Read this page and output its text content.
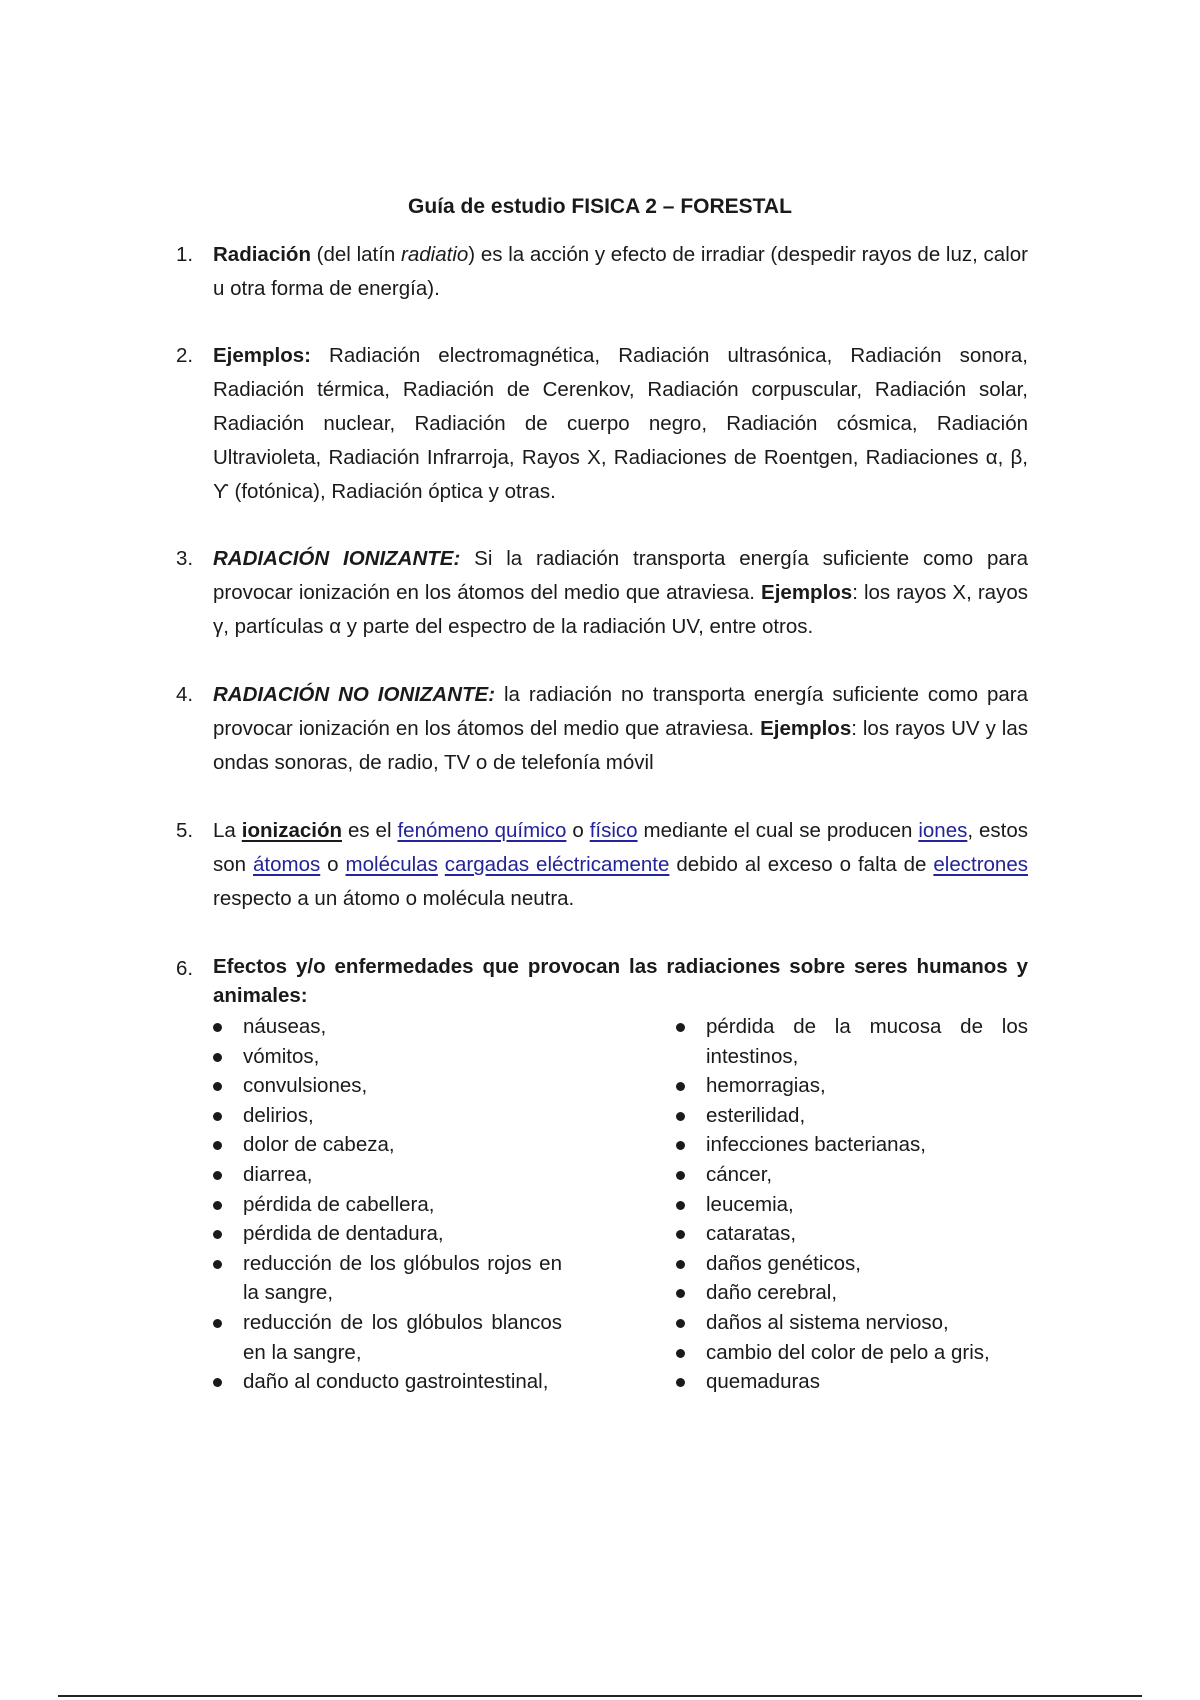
Guía de estudio FISICA 2 – FORESTAL
1. Radiación (del latín radiatio) es la acción y efecto de irradiar (despedir rayos de luz, calor u otra forma de energía).
2. Ejemplos: Radiación electromagnética, Radiación ultrasónica, Radiación sonora, Radiación térmica, Radiación de Cerenkov, Radiación corpuscular, Radiación solar, Radiación nuclear, Radiación de cuerpo negro, Radiación cósmica, Radiación Ultravioleta, Radiación Infrarroja, Rayos X, Radiaciones de Roentgen, Radiaciones α, β, ϒ (fotónica), Radiación óptica y otras.
3. RADIACIÓN IONIZANTE: Si la radiación transporta energía suficiente como para provocar ionización en los átomos del medio que atraviesa. Ejemplos: los rayos X, rayos γ, partículas α y parte del espectro de la radiación UV, entre otros.
4. RADIACIÓN NO IONIZANTE: la radiación no transporta energía suficiente como para provocar ionización en los átomos del medio que atraviesa. Ejemplos: los rayos UV y las ondas sonoras, de radio, TV o de telefonía móvil
5. La ionización es el fenómeno químico o físico mediante el cual se producen iones, estos son átomos o moléculas cargadas eléctricamente debido al exceso o falta de electrones respecto a un átomo o molécula neutra.
6. Efectos y/o enfermedades que provocan las radiaciones sobre seres humanos y animales:
náuseas,
vómitos,
convulsiones,
delirios,
dolor de cabeza,
diarrea,
pérdida de cabellera,
pérdida de dentadura,
reducción de los glóbulos rojos en la sangre,
reducción de los glóbulos blancos en la sangre,
daño al conducto gastrointestinal,
pérdida de la mucosa de los intestinos,
hemorragias,
esterilidad,
infecciones bacterianas,
cáncer,
leucemia,
cataratas,
daños genéticos,
daño cerebral,
daños al sistema nervioso,
cambio del color de pelo a gris,
quemaduras
